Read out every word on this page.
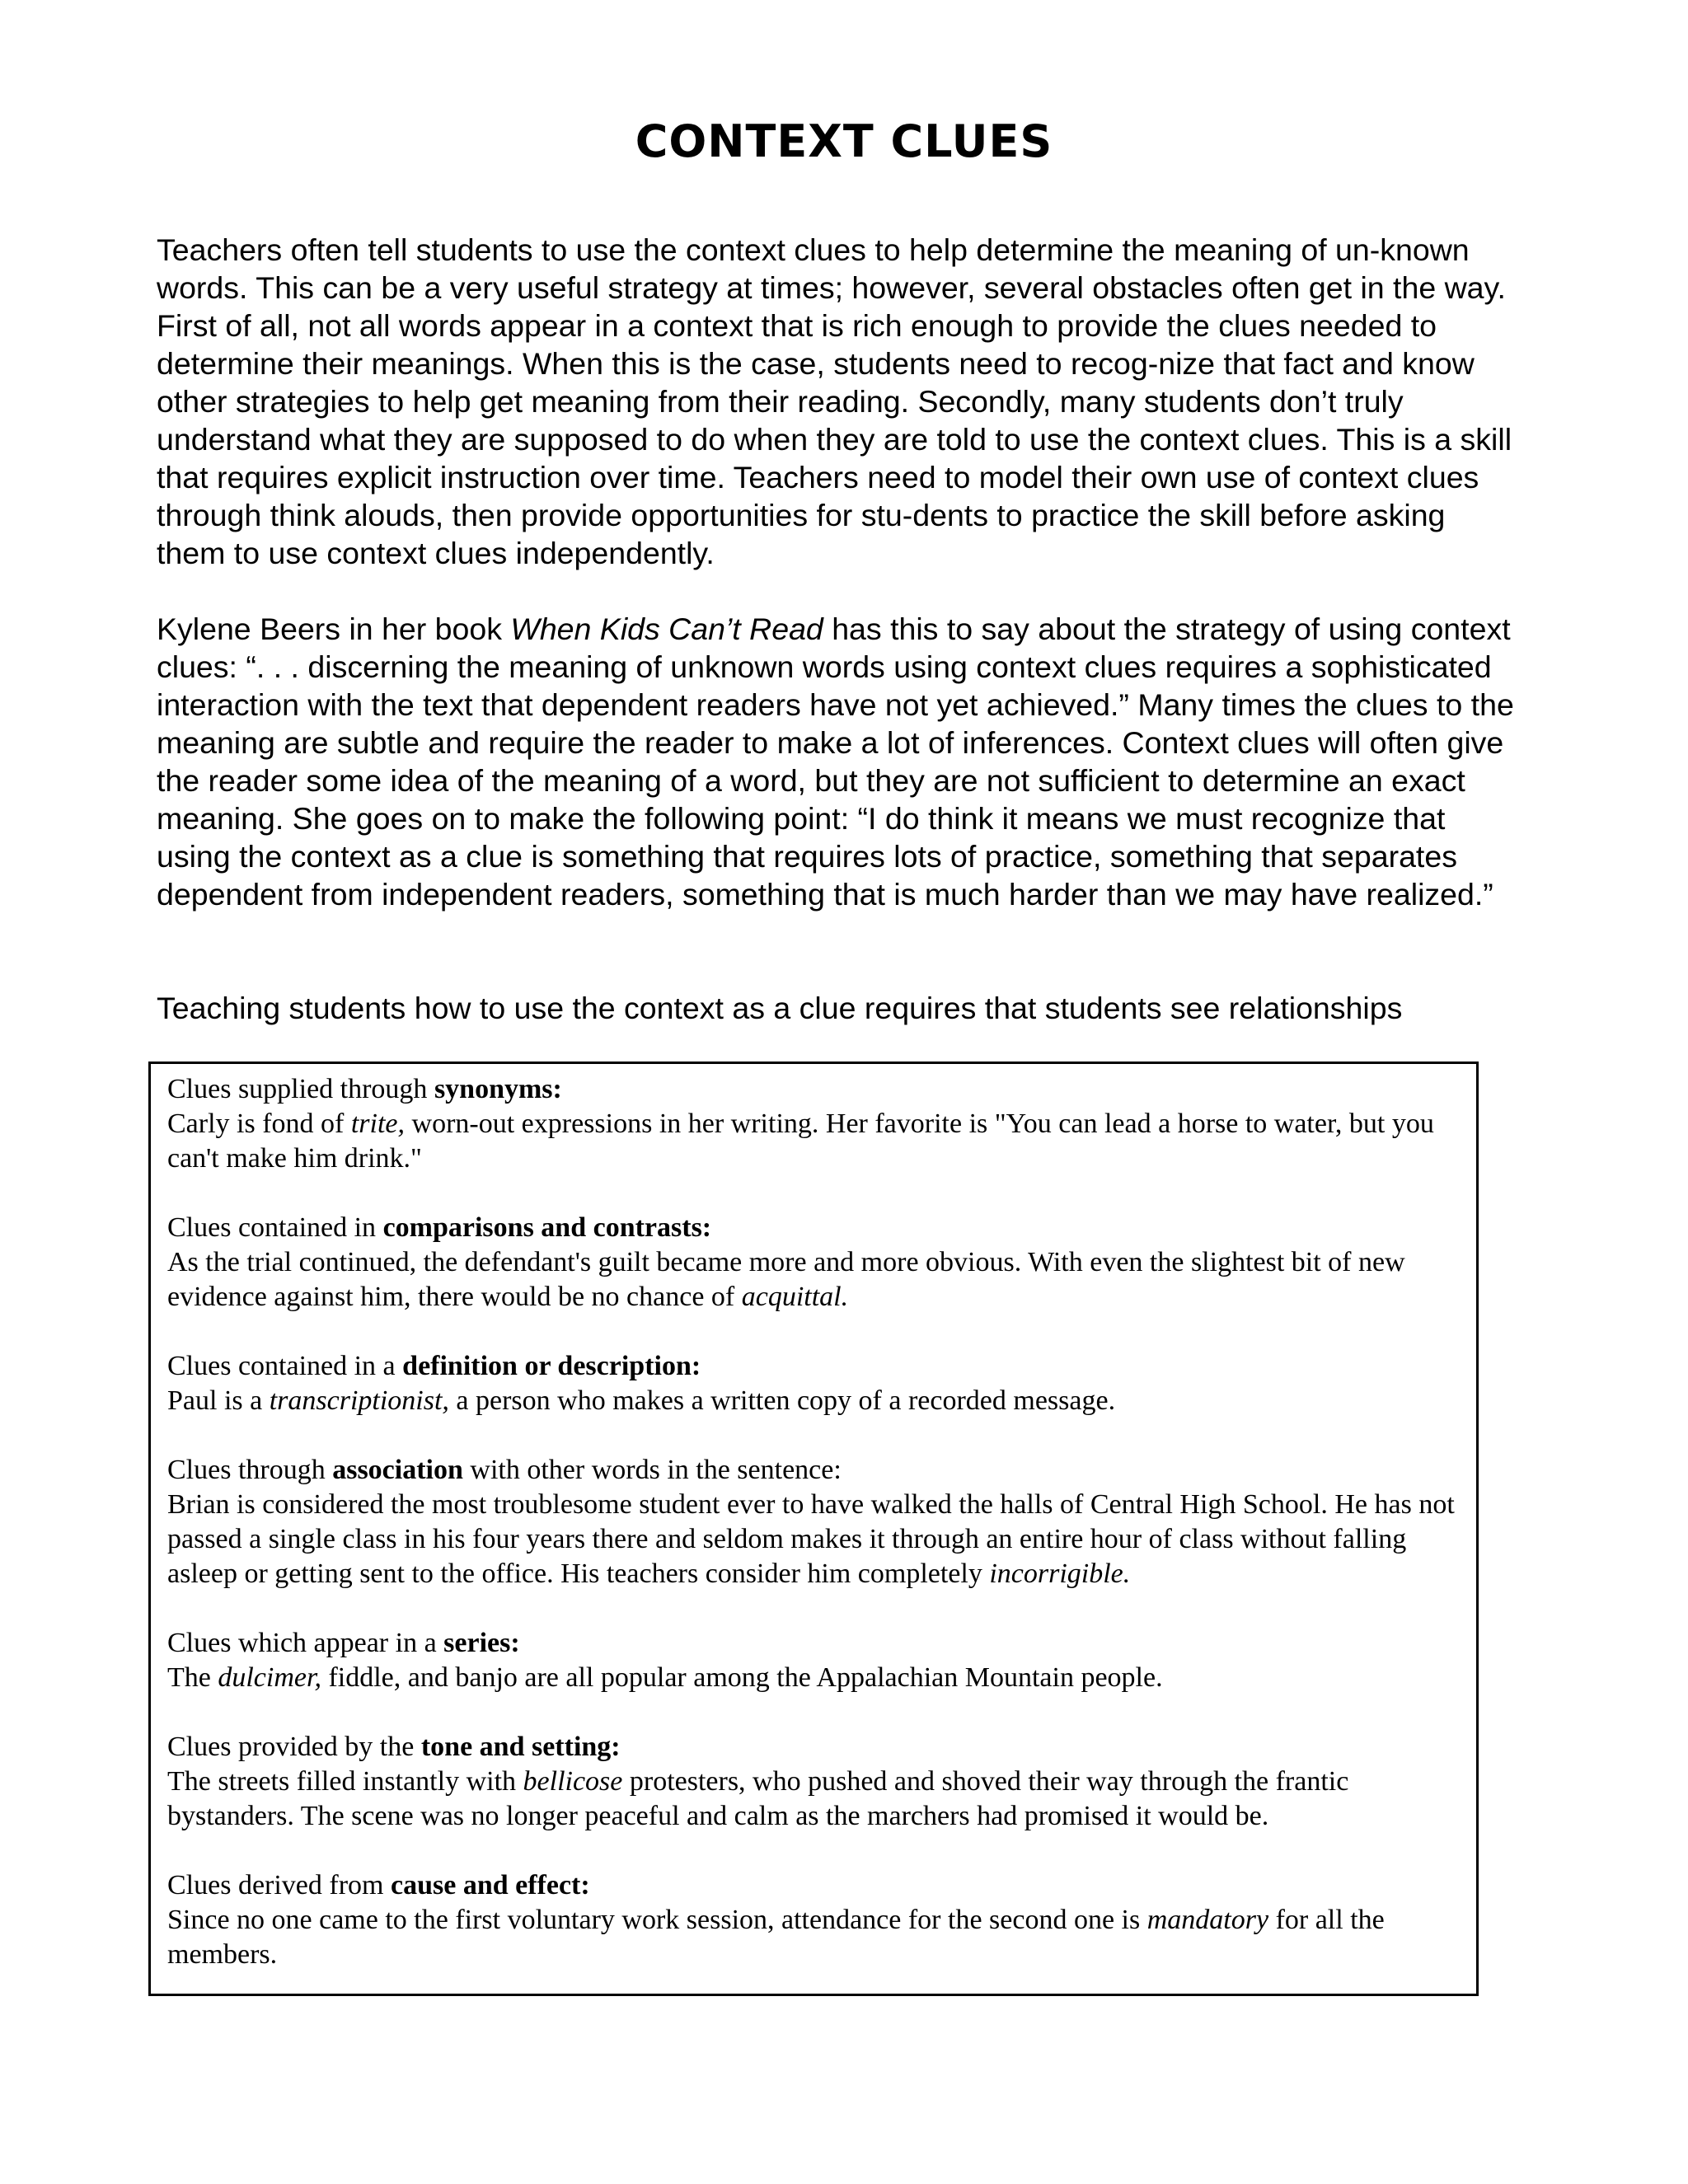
CONTEXT CLUES

Teachers often tell students to use the context clues to help determine the meaning of un-known words. This can be a very useful strategy at times; however, several obstacles often get in the way. First of all, not all words appear in a context that is rich enough to provide the clues needed to determine their meanings. When this is the case, students need to recog-nize that fact and know other strategies to help get meaning from their reading. Secondly, many students don’t truly understand what they are supposed to do when they are told to use the context clues. This is a skill that requires explicit instruction over time. Teachers need to model their own use of context clues through think alouds, then provide opportunities for stu-dents to practice the skill before asking them to use context clues independently.

Kylene Beers in her book When Kids Can’t Read has this to say about the strategy of using context clues: “. . . discerning the meaning of unknown words using context clues requires a sophisticated interaction with the text that dependent readers have not yet achieved.” Many times the clues to the meaning are subtle and require the reader to make a lot of inferences. Context clues will often give the reader some idea of the meaning of a word, but they are not sufficient to determine an exact meaning. She goes on to make the following point: “I do think it means we must recognize that using the context as a clue is something that requires lots of practice, something that separates dependent from independent readers, something that is much harder than we may have realized.”

Teaching students how to use the context as a clue requires that students see relationships

Clues supplied through synonyms:

Carly is fond of trite, worn-out expressions in her writing. Her favorite is "You can lead a horse to water, but you can't make him drink."

Clues contained in comparisons and contrasts:

As the trial continued, the defendant's guilt became more and more obvious. With even the slightest bit of new evidence against him, there would be no chance of acquittal.

Clues contained in a definition or description:

Paul is a transcriptionist, a person who makes a written copy of a recorded message.

Clues through association with other words in the sentence:

Brian is considered the most troublesome student ever to have walked the halls of Central High School. He has not passed a single class in his four years there and seldom makes it through an entire hour of class without falling asleep or getting sent to the office. His teachers consider him completely incorrigible.

Clues which appear in a series:

The dulcimer, fiddle, and banjo are all popular among the Appalachian Mountain people.

Clues provided by the tone and setting:

The streets filled instantly with bellicose protesters, who pushed and shoved their way through the frantic bystanders. The scene was no longer peaceful and calm as the marchers had promised it would be.

Clues derived from cause and effect:

Since no one came to the first voluntary work session, attendance for the second one is mandatory for all the members.
